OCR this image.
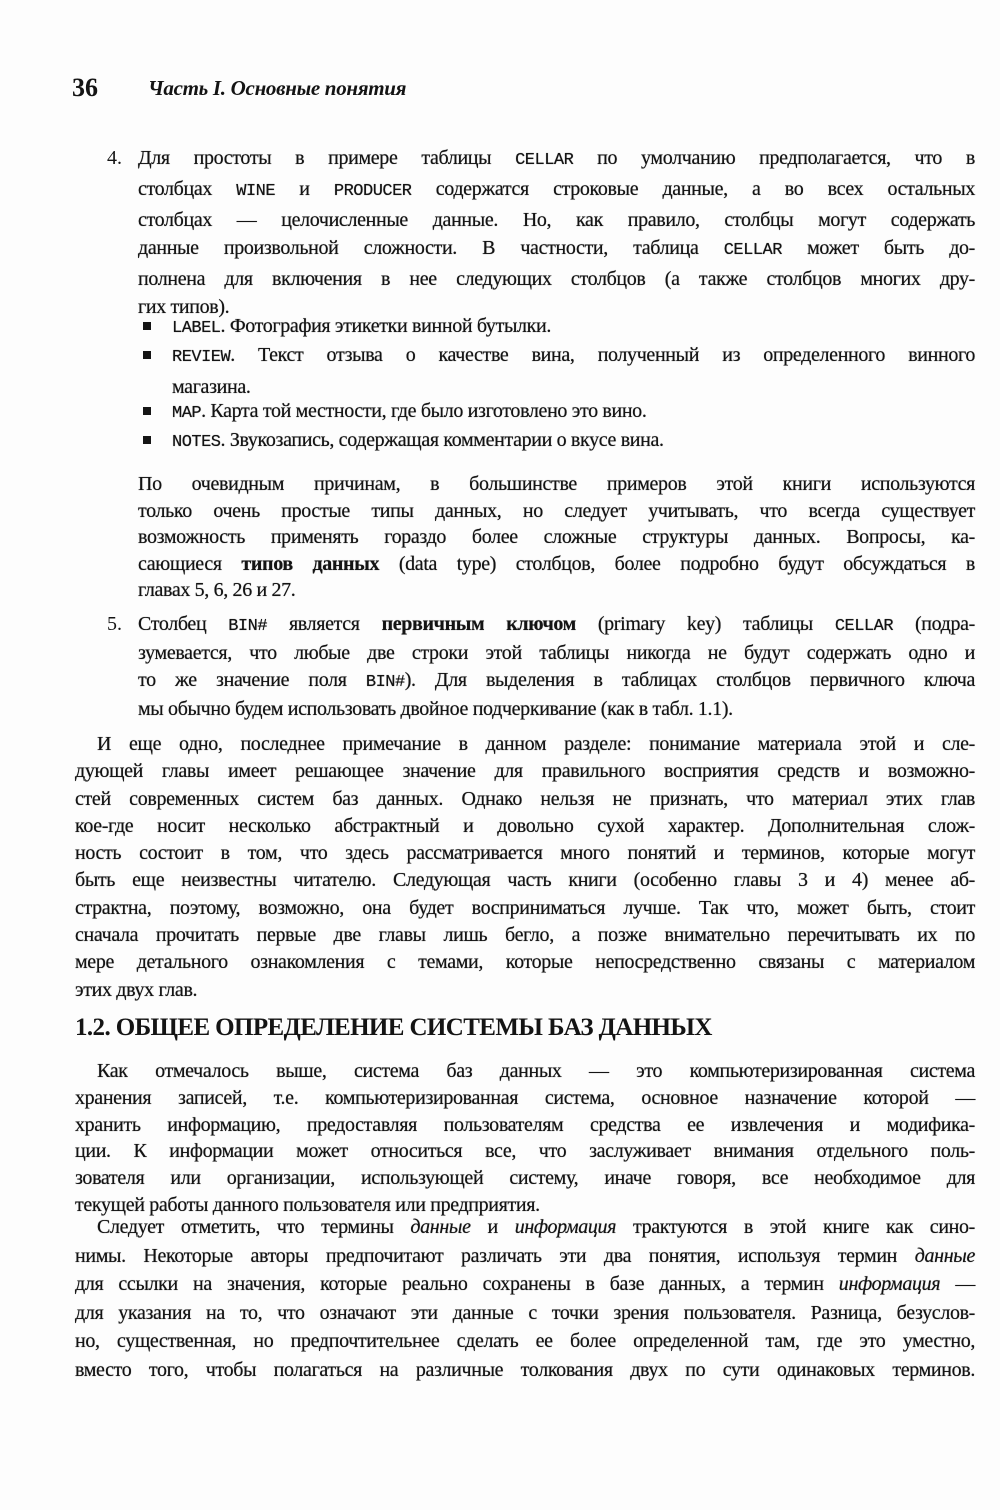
36 Часть I. Основные понятия
4. Для простоты в примере таблицы CELLAR по умолчанию предполагается, что в
столбцах WINE и PRODUCER содержатся строковые данные, а во всех остальных
столбцах — целочисленные данные. Но, как правило, столбцы могут содержать
данные произвольной сложности. В частности, таблица CELLAR может быть до-
полнена для включения в нее следующих столбцов (а также столбцов многих дру-
гих типов).
LABEL. Фотография этикетки винной бутылки.
REVIEW. Текст отзыва о качестве вина, полученный из определенного винного
магазина.
MAP. Карта той местности, где было изготовлено это вино.
NOTES. Звукозапись, содержащая комментарии о вкусе вина.
По очевидным причинам, в большинстве примеров этой книги используются
только очень простые типы данных, но следует учитывать, что всегда существует
возможность применять гораздо более сложные структуры данных. Вопросы, ка-
сающиеся типов данных (data type) столбцов, более подробно будут обсуждаться в
главах 5, 6, 26 и 27.
5. Столбец BIN# является первичным ключом (primary key) таблицы CELLAR (подра-
зумевается, что любые две строки этой таблицы никогда не будут содержать одно и
то же значение поля BIN#). Для выделения в таблицах столбцов первичного ключа
мы обычно будем использовать двойное подчеркивание (как в табл. 1.1).
И еще одно, последнее примечание в данном разделе: понимание материала этой и сле-
дующей главы имеет решающее значение для правильного восприятия средств и возможно-
стей современных систем баз данных. Однако нельзя не признать, что материал этих глав
кое-где носит несколько абстрактный и довольно сухой характер. Дополнительная слож-
ность состоит в том, что здесь рассматривается много понятий и терминов, которые могут
быть еще неизвестны читателю. Следующая часть книги (особенно главы 3 и 4) менее аб-
страктна, поэтому, возможно, она будет восприниматься лучше. Так что, может быть, стоит
сначала прочитать первые две главы лишь бегло, а позже внимательно перечитывать их по
мере детального ознакомления с темами, которые непосредственно связаны с материалом
этих двух глав.
1.2. ОБЩЕЕ ОПРЕДЕЛЕНИЕ СИСТЕМЫ БАЗ ДАННЫХ
Как отмечалось выше, система баз данных — это компьютеризированная система
хранения записей, т.е. компьютеризированная система, основное назначение которой —
хранить информацию, предоставляя пользователям средства ее извлечения и модифика-
ции. К информации может относиться все, что заслуживает внимания отдельного поль-
зователя или организации, использующей систему, иначе говоря, все необходимое для
текущей работы данного пользователя или предприятия.
Следует отметить, что термины данные и информация трактуются в этой книге как сино-
нимы. Некоторые авторы предпочитают различать эти два понятия, используя термин данные
для ссылки на значения, которые реально сохранены в базе данных, а термин информация —
для указания на то, что означают эти данные с точки зрения пользователя. Разница, безуслов-
но, существенная, но предпочтительнее сделать ее более определенной там, где это уместно,
вместо того, чтобы полагаться на различные толкования двух по сути одинаковых терминов.
